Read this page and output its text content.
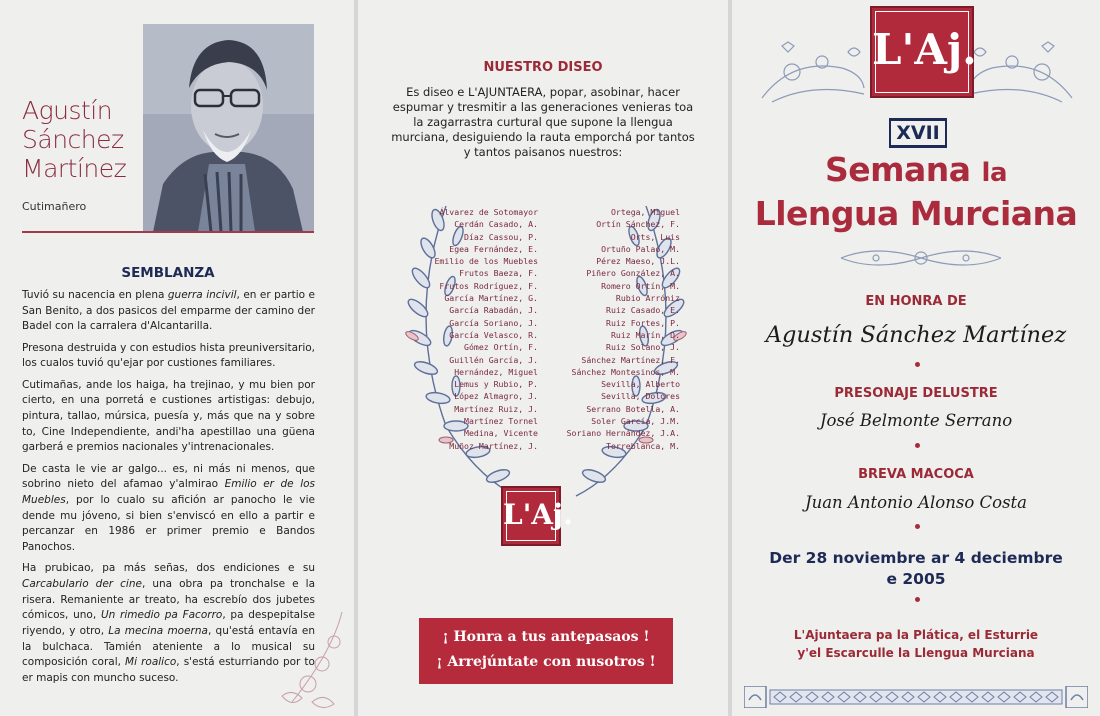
Agustín
Sánchez
Martínez
Cutimañero
SEMBLANZA

Tuvió su nacencia en plena guerra incivil, en er partio e San Benito, a dos pasicos del emparme der camino der Badel con la carralera d'Alcantarilla.

Presona destruida y con estudios hista preuniversitario, los cualos tuvió qu'ejar por custiones familiares.

Cutimañas, ande los haiga, ha trejinao, y mu bien por cierto, en una porretá e custiones artistigas: debujo, pintura, tallao, múrsica, puesía y, más que na y sobre to, Cine Independiente, andi'ha apestillao una güena garberá e premios nacionales y'intrenacionales.

De casta le vie ar galgo... es, ni más ni menos, que sobrino nieto del afamao y'almirao Emilio er de los Muebles, por lo cualo su afición ar panocho le vie dende mu jóveno, si bien s'enviscó en ello a partir e percanzar en 1986 er primer premio e Bandos Panochos.

Ha prubicao, pa más señas, dos endiciones e su Carcabulario der cine, una obra pa tronchalse e la risera. Remaniente ar treato, ha escrebío dos jubetes cómicos, uno, Un rimedio pa Facorro, pa despepitalse riyendo, y otro, La mecina moerna, qu'está entavía en la bulchaca. Tamién ateniente a lo musical su composición coral, Mi roalico, s'está esturriando por to er mapis con muncho suceso.

NUESTRO DISEO
Es diseo e L'AJUNTAERA, popar, asobinar, hacer espumar y tresmitir a las generaciones venieras toa la zagarrastra curtural que supone la llengua murciana, desiguiendo la rauta emporchá por tantos y tantos paisanos nuestros:
Álvarez de Sotomayor
Cerdán Casado, A.
Díaz Cassou, P.
Egea Fernández, E.
Emilio de los Muebles
Frutos Baeza, F.
Frutos Rodríguez, F.
García Martínez, G.
García Rabadán, J.
García Soriano, J.
García Velasco, R.
Gómez Ortín, F.
Guillén García, J.
Hernández, Miguel
Lemus y Rubio, P.
López Almagro, J.
Martínez Ruiz, J.
Martínez Tornel
Medina, Vicente
Muñoz Martínez, J.
Ortega, Miguel
Ortín Sánchez, F.
Orts, Luis
Ortuño Palao, M.
Pérez Maeso, J.L.
Piñero González, A.
Romero Ortín, M.
Rubio Arróniz
Ruiz Casado, E.
Ruiz Fortes, P.
Ruiz Marín, D.
Ruiz Solano, J.
Sánchez Martínez, F.
Sánchez Montesinos, M.
Sevilla, Alberto
Sevilla, Dolores
Serrano Botella, A.
Soler García, J.M.
Soriano Hernández, J.A.
Torreblanca, M.
L'Aj.
¡ Honra a tus antepasaos !
¡ Arrejúntate con nusotros !
L'Aj.
XVII
Semana la
Llengua Murciana
EN HONRA DE
Agustín Sánchez Martínez
PRESONAJE DELUSTRE
José Belmonte Serrano
BREVA MACOCA
Juan Antonio Alonso Costa
Der 28 noviembre ar 4 deciembre
e 2005
L'Ajuntaera pa la Plática, el Esturrie
y'el Escarculle la Llengua Murciana
